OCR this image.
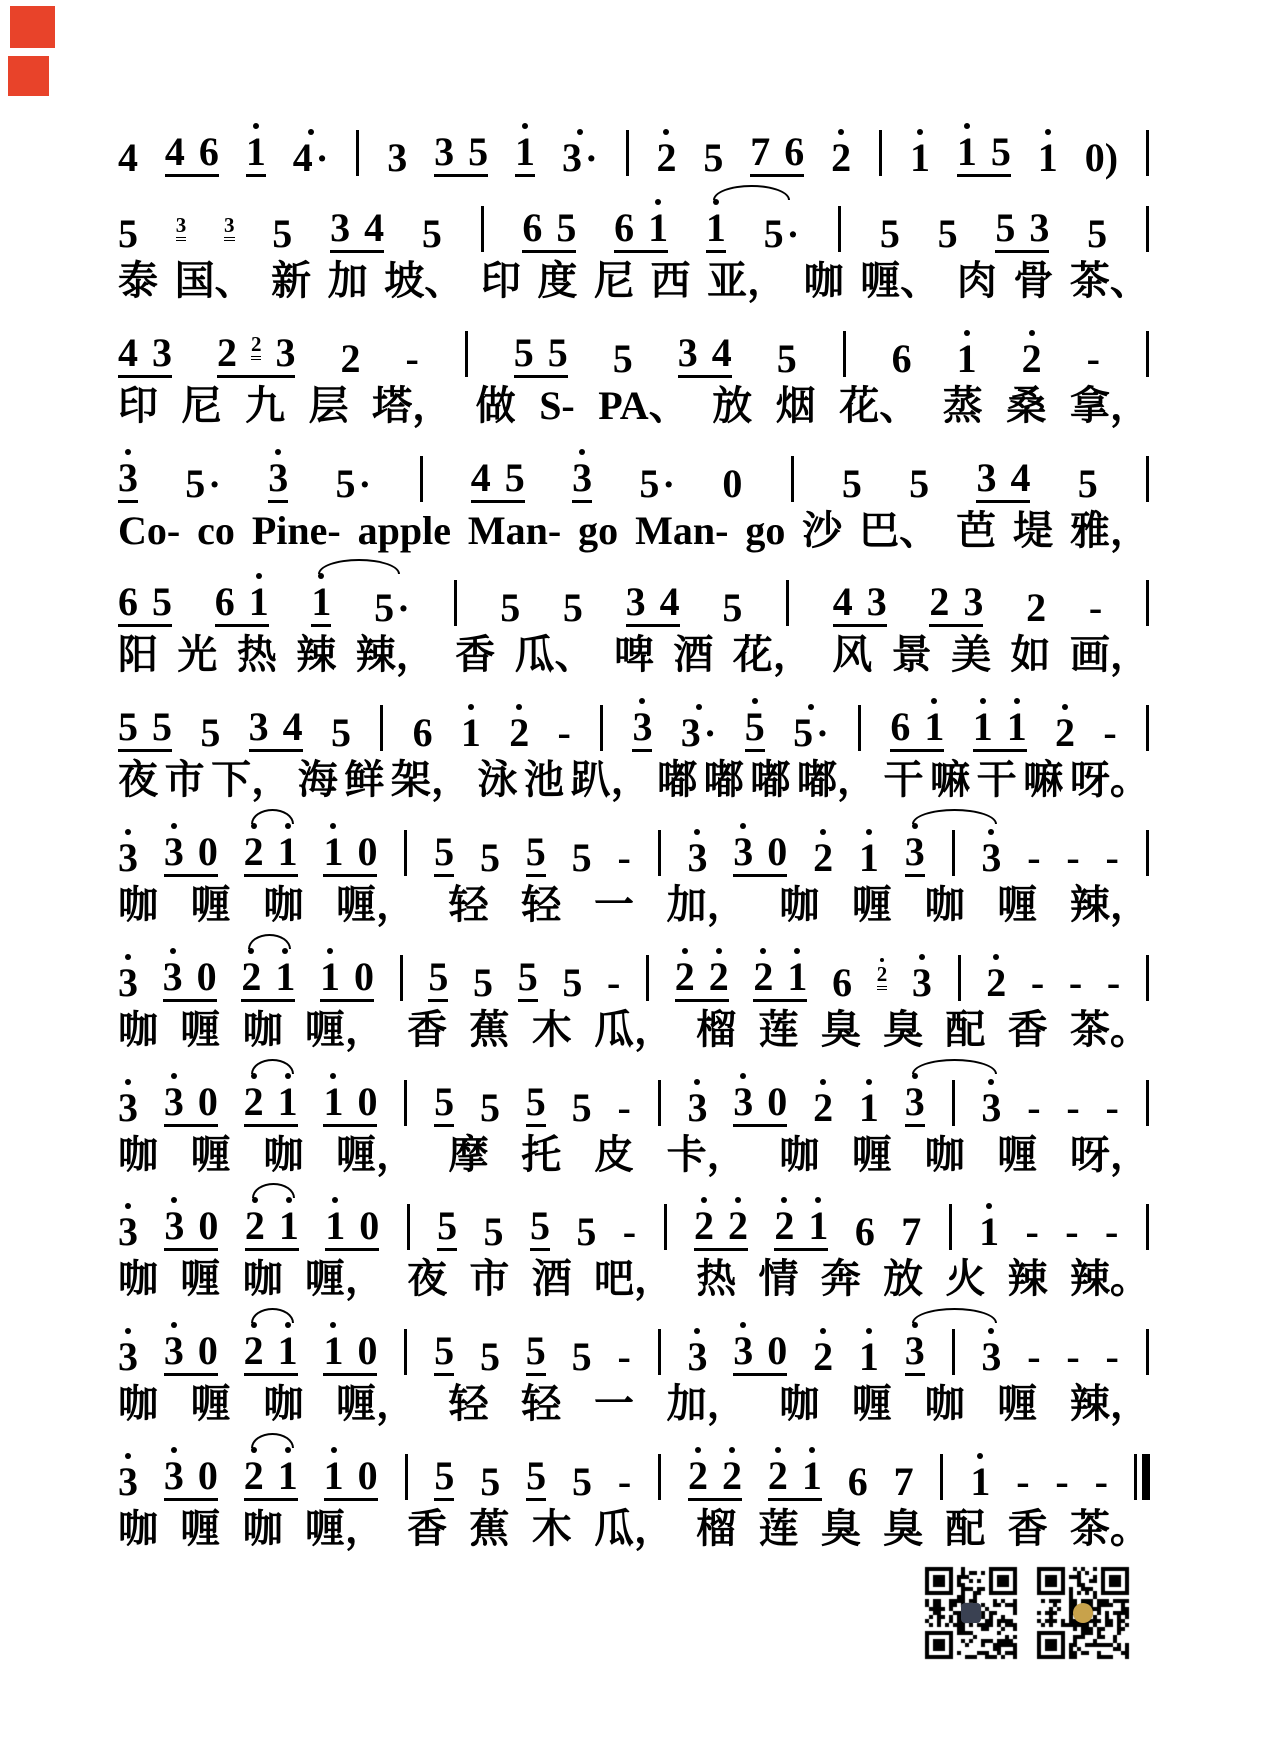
4 4 6 1 4 · 3 3 5 1 3 · 2 5 7 6 2 1 1 5 1 0 )
5 3 3 5 3 4 5 6 5 6 1 1 5 · 5 5 5 3 5
泰 国、 新 加 坡、 印 度 尼 西 亚， 咖 喱、 肉 骨 茶、
4 3 2 2 3 2 - 5 5 5 3 4 5 6 1 2 -
印 尼 九 层 塔， 做 S- PA、 放 烟 花、 蒸 桑 拿，
3 5 · 3 5 · 4 5 3 5 · 0 5 5 3 4 5
Co- co Pine- apple Man- go Man- go 沙 巴、 芭 堤 雅，
6 5 6 1 1 5 · 5 5 3 4 5 4 3 2 3 2 -
阳 光 热 辣 辣， 香 瓜、 啤 酒 花， 风 景 美 如 画，
5 5 5 3 4 5 6 1 2 - 3 3 · 5 5 · 6 1 1 1 2 -
夜 市 下， 海 鲜 架， 泳 池 趴， 嘟 嘟 嘟 嘟， 干 嘛 干 嘛 呀。
3 3 0 2 1 1 0 5 5 5 5 - 3 3 0 2 1 3 3 - - -
咖 喱 咖 喱， 轻 轻 一 加， 咖 喱 咖 喱 辣，
3 3 0 2 1 1 0 5 5 5 5 - 2 2 2 1 6 2 3 2 - - -
咖 喱 咖 喱， 香 蕉 木 瓜， 榴 莲 臭 臭 配 香 茶。
3 3 0 2 1 1 0 5 5 5 5 - 3 3 0 2 1 3 3 - - -
咖 喱 咖 喱， 摩 托 皮 卡， 咖 喱 咖 喱 呀，
3 3 0 2 1 1 0 5 5 5 5 - 2 2 2 1 6 7 1 - - -
咖 喱 咖 喱， 夜 市 酒 吧， 热 情 奔 放 火 辣 辣。
3 3 0 2 1 1 0 5 5 5 5 - 3 3 0 2 1 3 3 - - -
咖 喱 咖 喱， 轻 轻 一 加， 咖 喱 咖 喱 辣，
3 3 0 2 1 1 0 5 5 5 5 - 2 2 2 1 6 7 1 - - -
咖 喱 咖 喱， 香 蕉 木 瓜， 榴 莲 臭 臭 配 香 茶。
